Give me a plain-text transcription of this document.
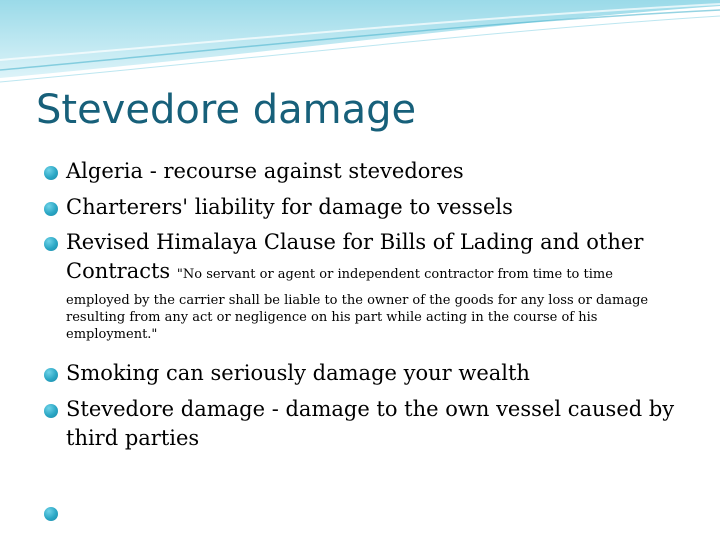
Stevedore damage
Algeria - recourse against stevedores
Charterers' liability for damage to vessels
Revised Himalaya Clause for Bills of Lading and other
Contracts "No servant or agent or independent contractor from time to time
employed by the carrier shall be liable to the owner of the goods for any loss or damage resulting from any act or negligence on his part while acting in the course of his employment."
Smoking can seriously damage your wealth
Stevedore damage - damage to the own vessel caused by third parties
